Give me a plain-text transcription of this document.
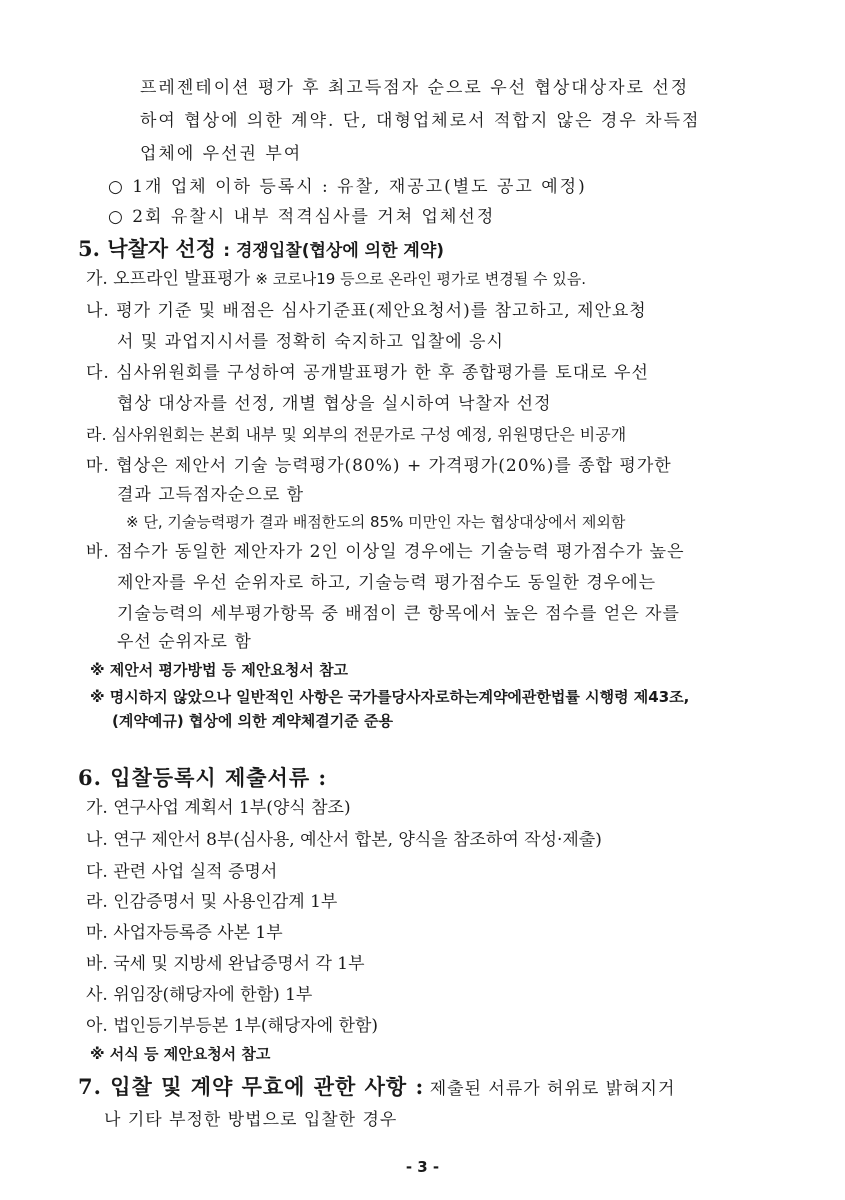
프레젠테이션 평가 후 최고득점자 순으로 우선 협상대상자로 선정
하여 협상에 의한 계약. 단, 대형업체로서 적합지 않은 경우 차득점
업체에 우선권 부여
○ 1개 업체 이하 등록시 : 유찰, 재공고(별도 공고 예정)
○ 2회 유찰시 내부 적격심사를 거쳐 업체선정
5. 낙찰자 선정 : 경쟁입찰(협상에 의한 계약)
가. 오프라인 발표평가 ※ 코로나19 등으로 온라인 평가로 변경될 수 있음.
나. 평가 기준 및 배점은 심사기준표(제안요청서)를 참고하고, 제안요청
서 및 과업지시서를 정확히 숙지하고 입찰에 응시
다. 심사위원회를 구성하여 공개발표평가 한 후 종합평가를 토대로 우선
협상 대상자를 선정, 개별 협상을 실시하여 낙찰자 선정
라. 심사위원회는 본회 내부 및 외부의 전문가로 구성 예정, 위원명단은 비공개
마. 협상은 제안서 기술 능력평가(80%) + 가격평가(20%)를 종합 평가한
결과 고득점자순으로 함
※ 단, 기술능력평가 결과 배점한도의 85% 미만인 자는 협상대상에서 제외함
바. 점수가 동일한 제안자가 2인 이상일 경우에는 기술능력 평가점수가 높은
제안자를 우선 순위자로 하고, 기술능력 평가점수도 동일한 경우에는
기술능력의 세부평가항목 중 배점이 큰 항목에서 높은 점수를 얻은 자를
우선 순위자로 함
※ 제안서 평가방법 등 제안요청서 참고
※ 명시하지 않았으나 일반적인 사항은 국가를당사자로하는계약에관한법률 시행령 제43조,
(계약예규) 협상에 의한 계약체결기준 준용
6. 입찰등록시 제출서류 :
가. 연구사업 계획서 1부(양식 참조)
나. 연구 제안서 8부(심사용, 예산서 합본, 양식을 참조하여 작성·제출)
다. 관련 사업 실적 증명서
라. 인감증명서 및 사용인감계 1부
마. 사업자등록증 사본 1부
바. 국세 및 지방세 완납증명서 각 1부
사. 위임장(해당자에 한함) 1부
아. 법인등기부등본 1부(해당자에 한함)
※ 서식 등 제안요청서 참고
7. 입찰 및 계약 무효에 관한 사항 : 제출된 서류가 허위로 밝혀지거
나 기타 부정한 방법으로 입찰한 경우
- 3 -
